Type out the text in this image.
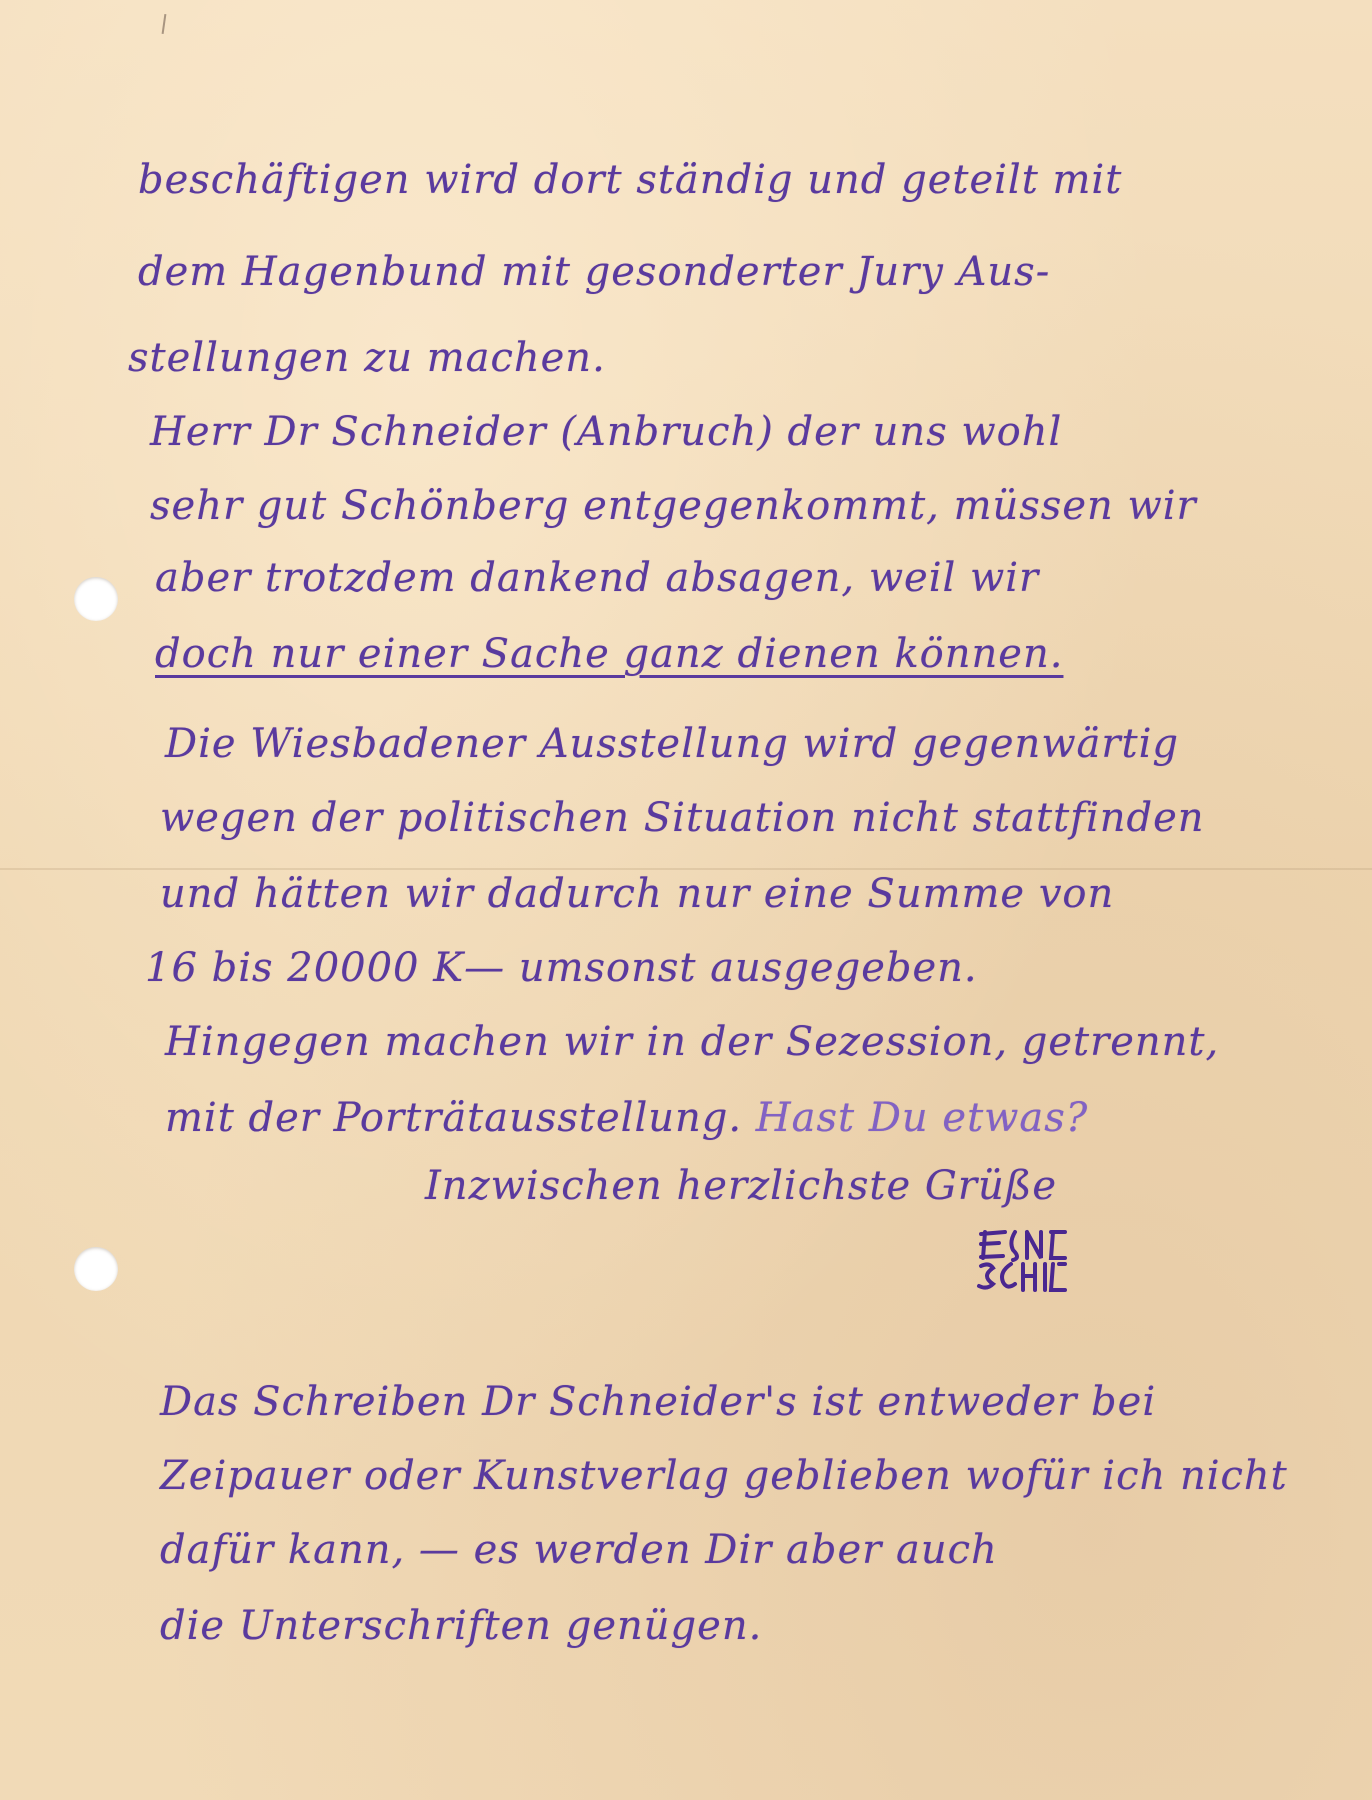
beschäftigen wird dort ständig und geteilt mit
dem Hagenbund mit gesonderter Jury Aus-
stellungen zu machen.
Herr Dr Schneider (Anbruch) der uns wohl
sehr gut Schönberg entgegenkommt, müssen wir
aber trotzdem dankend absagen, weil wir
doch nur einer Sache ganz dienen können.
Die Wiesbadener Ausstellung wird gegenwärtig
wegen der politischen Situation nicht stattfinden
und hätten wir dadurch nur eine Summe von
16 bis 20000 K— umsonst ausgegeben.
Hingegen machen wir in der Sezession, getrennt,
mit der Porträtausstellung. Hast Du etwas?
Inzwischen herzlichste Grüße
Das Schreiben Dr Schneider's ist entweder bei
Zeipauer oder Kunstverlag geblieben wofür ich nicht
dafür kann, — es werden Dir aber auch
die Unterschriften genügen.
